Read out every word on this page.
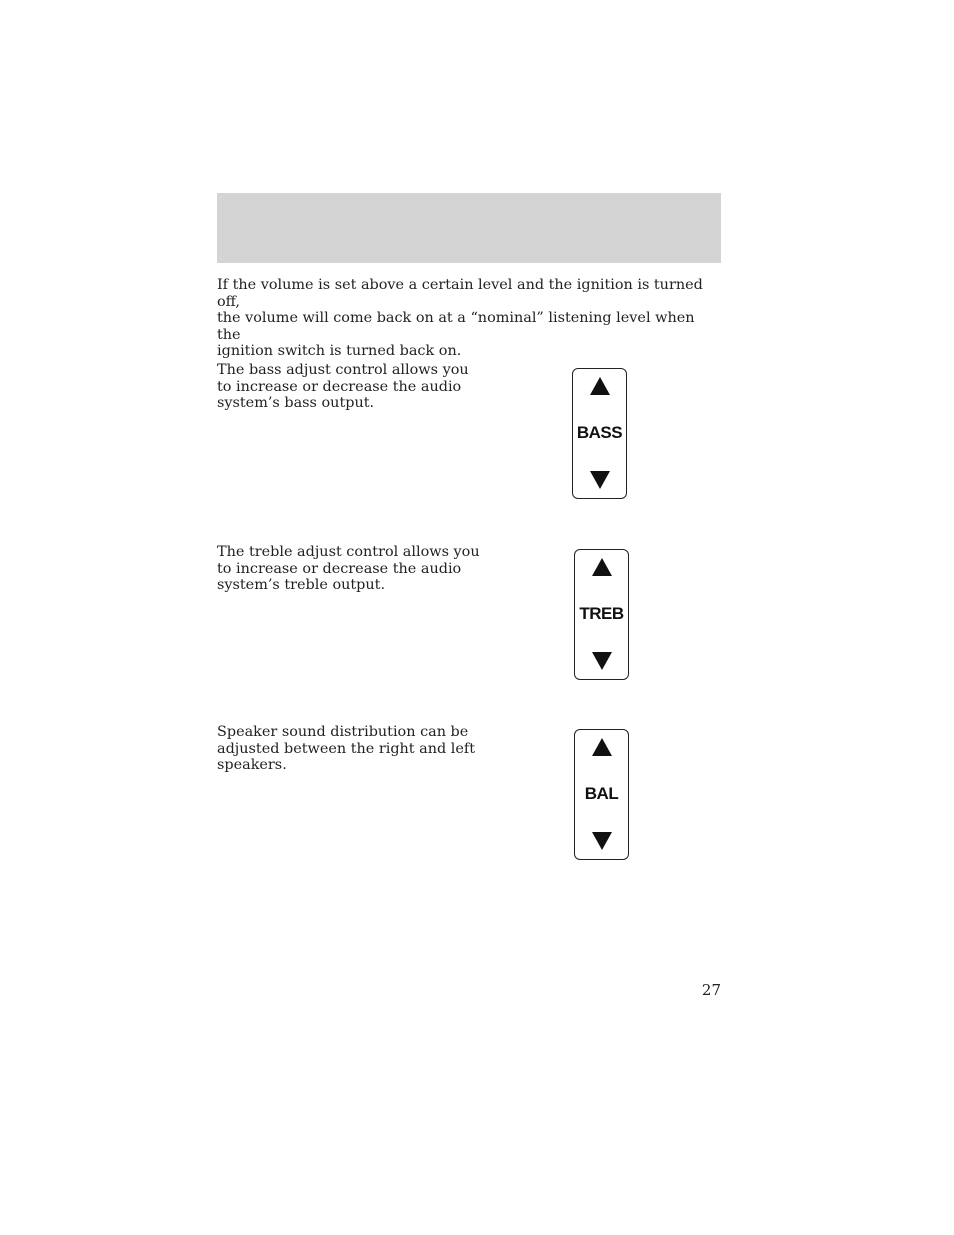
If the volume is set above a certain level and the ignition is turned off,
the volume will come back on at a “nominal” listening level when the
ignition switch is turned back on.
The bass adjust control allows you
to increase or decrease the audio
system’s bass output.
BASS
The treble adjust control allows you
to increase or decrease the audio
system’s treble output.
TREB
Speaker sound distribution can be
adjusted between the right and left
speakers.
BAL
27
